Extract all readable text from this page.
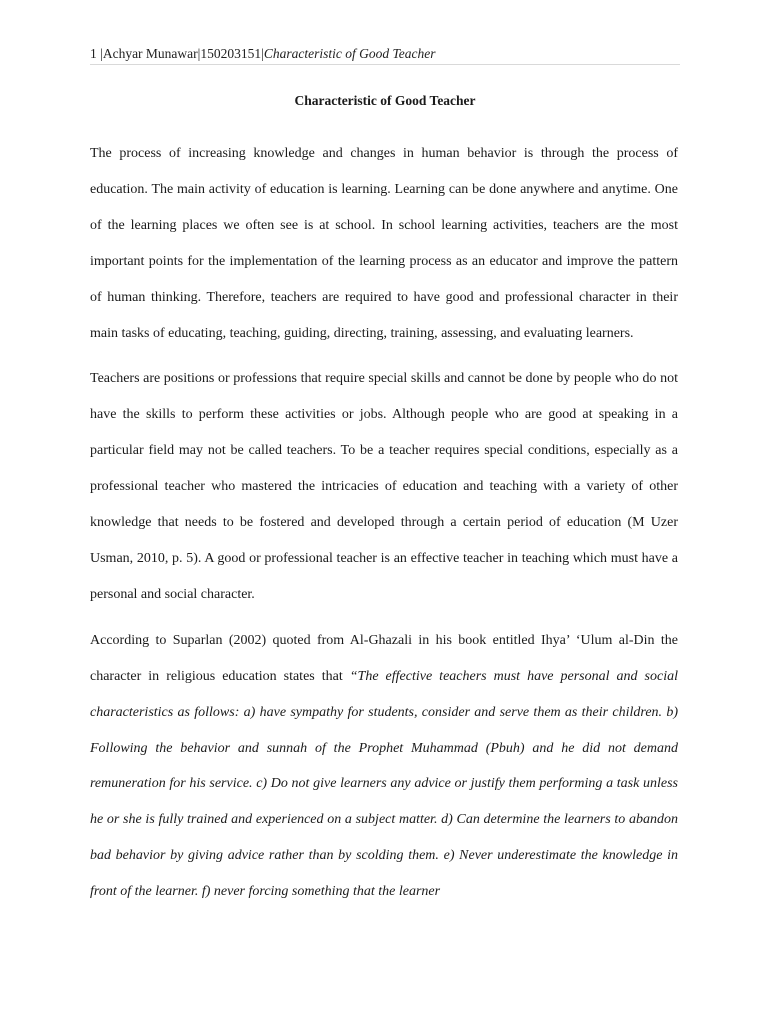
1 |Achyar Munawar|150203151|Characteristic of Good Teacher
Characteristic of Good Teacher

The process of increasing knowledge and changes in human behavior is through the process of education. The main activity of education is learning. Learning can be done anywhere and anytime. One of the learning places we often see is at school. In school learning activities, teachers are the most important points for the implementation of the learning process as an educator and improve the pattern of human thinking. Therefore, teachers are required to have good and professional character in their main tasks of educating, teaching, guiding, directing, training, assessing, and evaluating learners.

Teachers are positions or professions that require special skills and cannot be done by people who do not have the skills to perform these activities or jobs. Although people who are good at speaking in a particular field may not be called teachers. To be a teacher requires special conditions, especially as a professional teacher who mastered the intricacies of education and teaching with a variety of other knowledge that needs to be fostered and developed through a certain period of education (M Uzer Usman, 2010, p. 5). A good or professional teacher is an effective teacher in teaching which must have a personal and social character.

According to Suparlan (2002) quoted from Al-Ghazali in his book entitled Ihya’ ‘Ulum al-Din the character in religious education states that “The effective teachers must have personal and social characteristics as follows: a) have sympathy for students, consider and serve them as their children. b) Following the behavior and sunnah of the Prophet Muhammad (Pbuh) and he did not demand remuneration for his service. c) Do not give learners any advice or justify them performing a task unless he or she is fully trained and experienced on a subject matter. d) Can determine the learners to abandon bad behavior by giving advice rather than by scolding them. e) Never underestimate the knowledge in front of the learner. f) never forcing something that the learner
